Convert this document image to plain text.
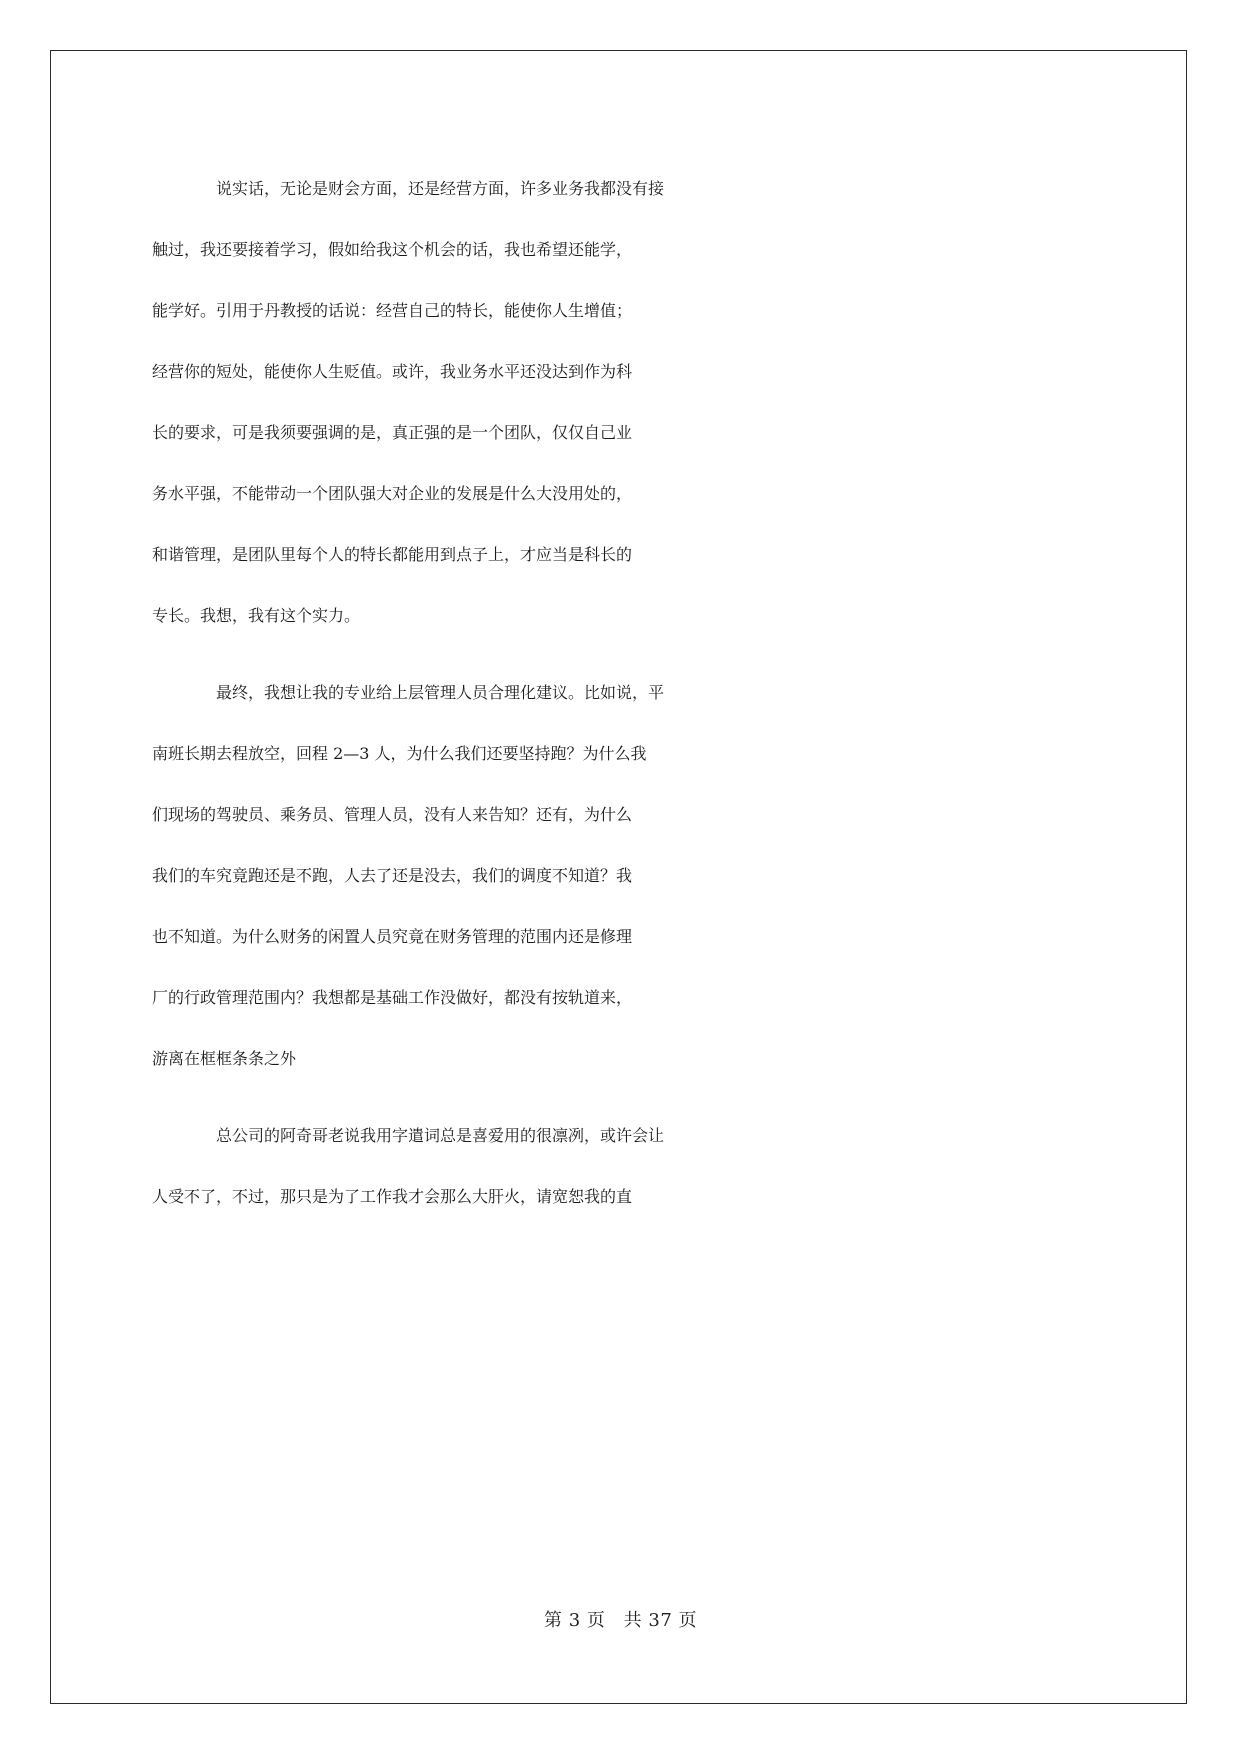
说实话，无论是财会方面，还是经营方面，许多业务我都没有接
触过，我还要接着学习，假如给我这个机会的话，我也希望还能学，
能学好。引用于丹教授的话说：经营自己的特长，能使你人生增值；
经营你的短处，能使你人生贬值。或许，我业务水平还没达到作为科
长的要求，可是我须要强调的是，真正强的是一个团队，仅仅自己业
务水平强，不能带动一个团队强大对企业的发展是什么大没用处的，
和谐管理，是团队里每个人的特长都能用到点子上，才应当是科长的
专长。我想，我有这个实力。
最终，我想让我的专业给上层管理人员合理化建议。比如说，平
南班长期去程放空，回程 2—3 人，为什么我们还要坚持跑？为什么我
们现场的驾驶员、乘务员、管理人员，没有人来告知？还有，为什么
我们的车究竟跑还是不跑，人去了还是没去，我们的调度不知道？我
也不知道。为什么财务的闲置人员究竟在财务管理的范围内还是修理
厂的行政管理范围内？我想都是基础工作没做好，都没有按轨道来，
游离在框框条条之外
总公司的阿奇哥老说我用字遣词总是喜爱用的很凛冽，或许会让
人受不了，不过，那只是为了工作我才会那么大肝火，请宽恕我的直
第 3 页 共 37 页
